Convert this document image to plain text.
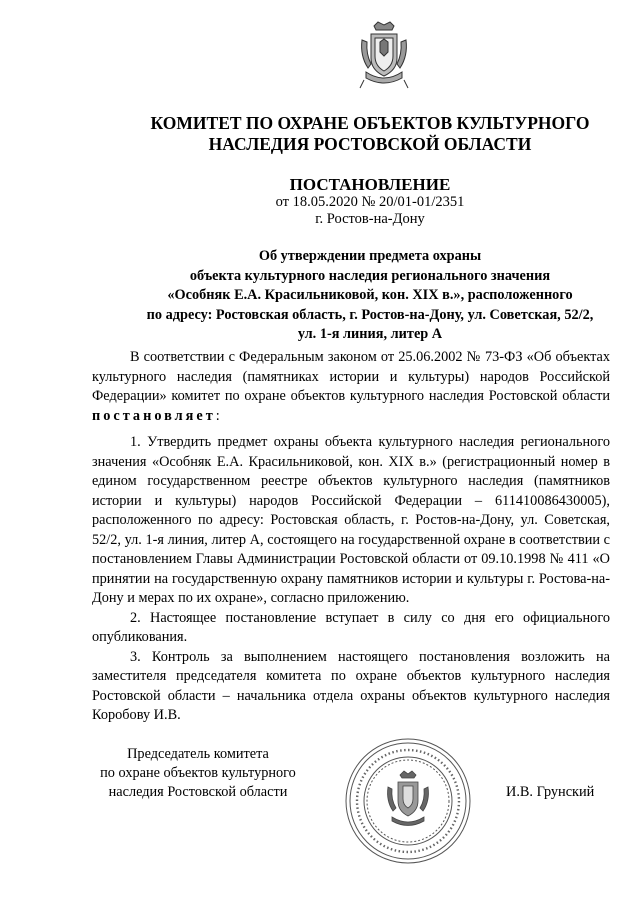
КОМИТЕТ ПО ОХРАНЕ ОБЪЕКТОВ КУЛЬТУРНОГО
НАСЛЕДИЯ РОСТОВСКОЙ ОБЛАСТИ
ПОСТАНОВЛЕНИЕ
от 18.05.2020 № 20/01-01/2351
г. Ростов-на-Дону
Об утверждении предмета охраны
объекта культурного наследия регионального значения
«Особняк Е.А. Красильниковой, кон. XIX в.», расположенного
по адресу: Ростовская область, г. Ростов-на-Дону, ул. Советская, 52/2,
ул. 1-я линия, литер А

В соответствии с Федеральным законом от 25.06.2002 № 73-ФЗ «Об объектах культурного наследия (памятниках истории и культуры) народов Российской Федерации» комитет по охране объектов культурного наследия Ростовской области постановляет:

1. Утвердить предмет охраны объекта культурного наследия регионального значения «Особняк Е.А. Красильниковой, кон. XIX в.» (регистрационный номер в едином государственном реестре объектов культурного наследия (памятников истории и культуры) народов Российской Федерации – 611410086430005), расположенного по адресу: Ростовская область, г. Ростов-на-Дону, ул. Советская, 52/2, ул. 1-я линия, литер А, состоящего на государственной охране в соответствии с постановлением Главы Администрации Ростовской области от 09.10.1998 № 411 «О принятии на государственную охрану памятников истории и культуры г. Ростова-на-Дону и мерах по их охране», согласно приложению.

2. Настоящее постановление вступает в силу со дня его официального опубликования.

3. Контроль за выполнением настоящего постановления возложить на заместителя председателя комитета по охране объектов культурного наследия Ростовской области – начальника отдела охраны объектов культурного наследия Коробову И.В.

Председатель комитета
по охране объектов культурного
наследия Ростовской области	И.В. Грунский
